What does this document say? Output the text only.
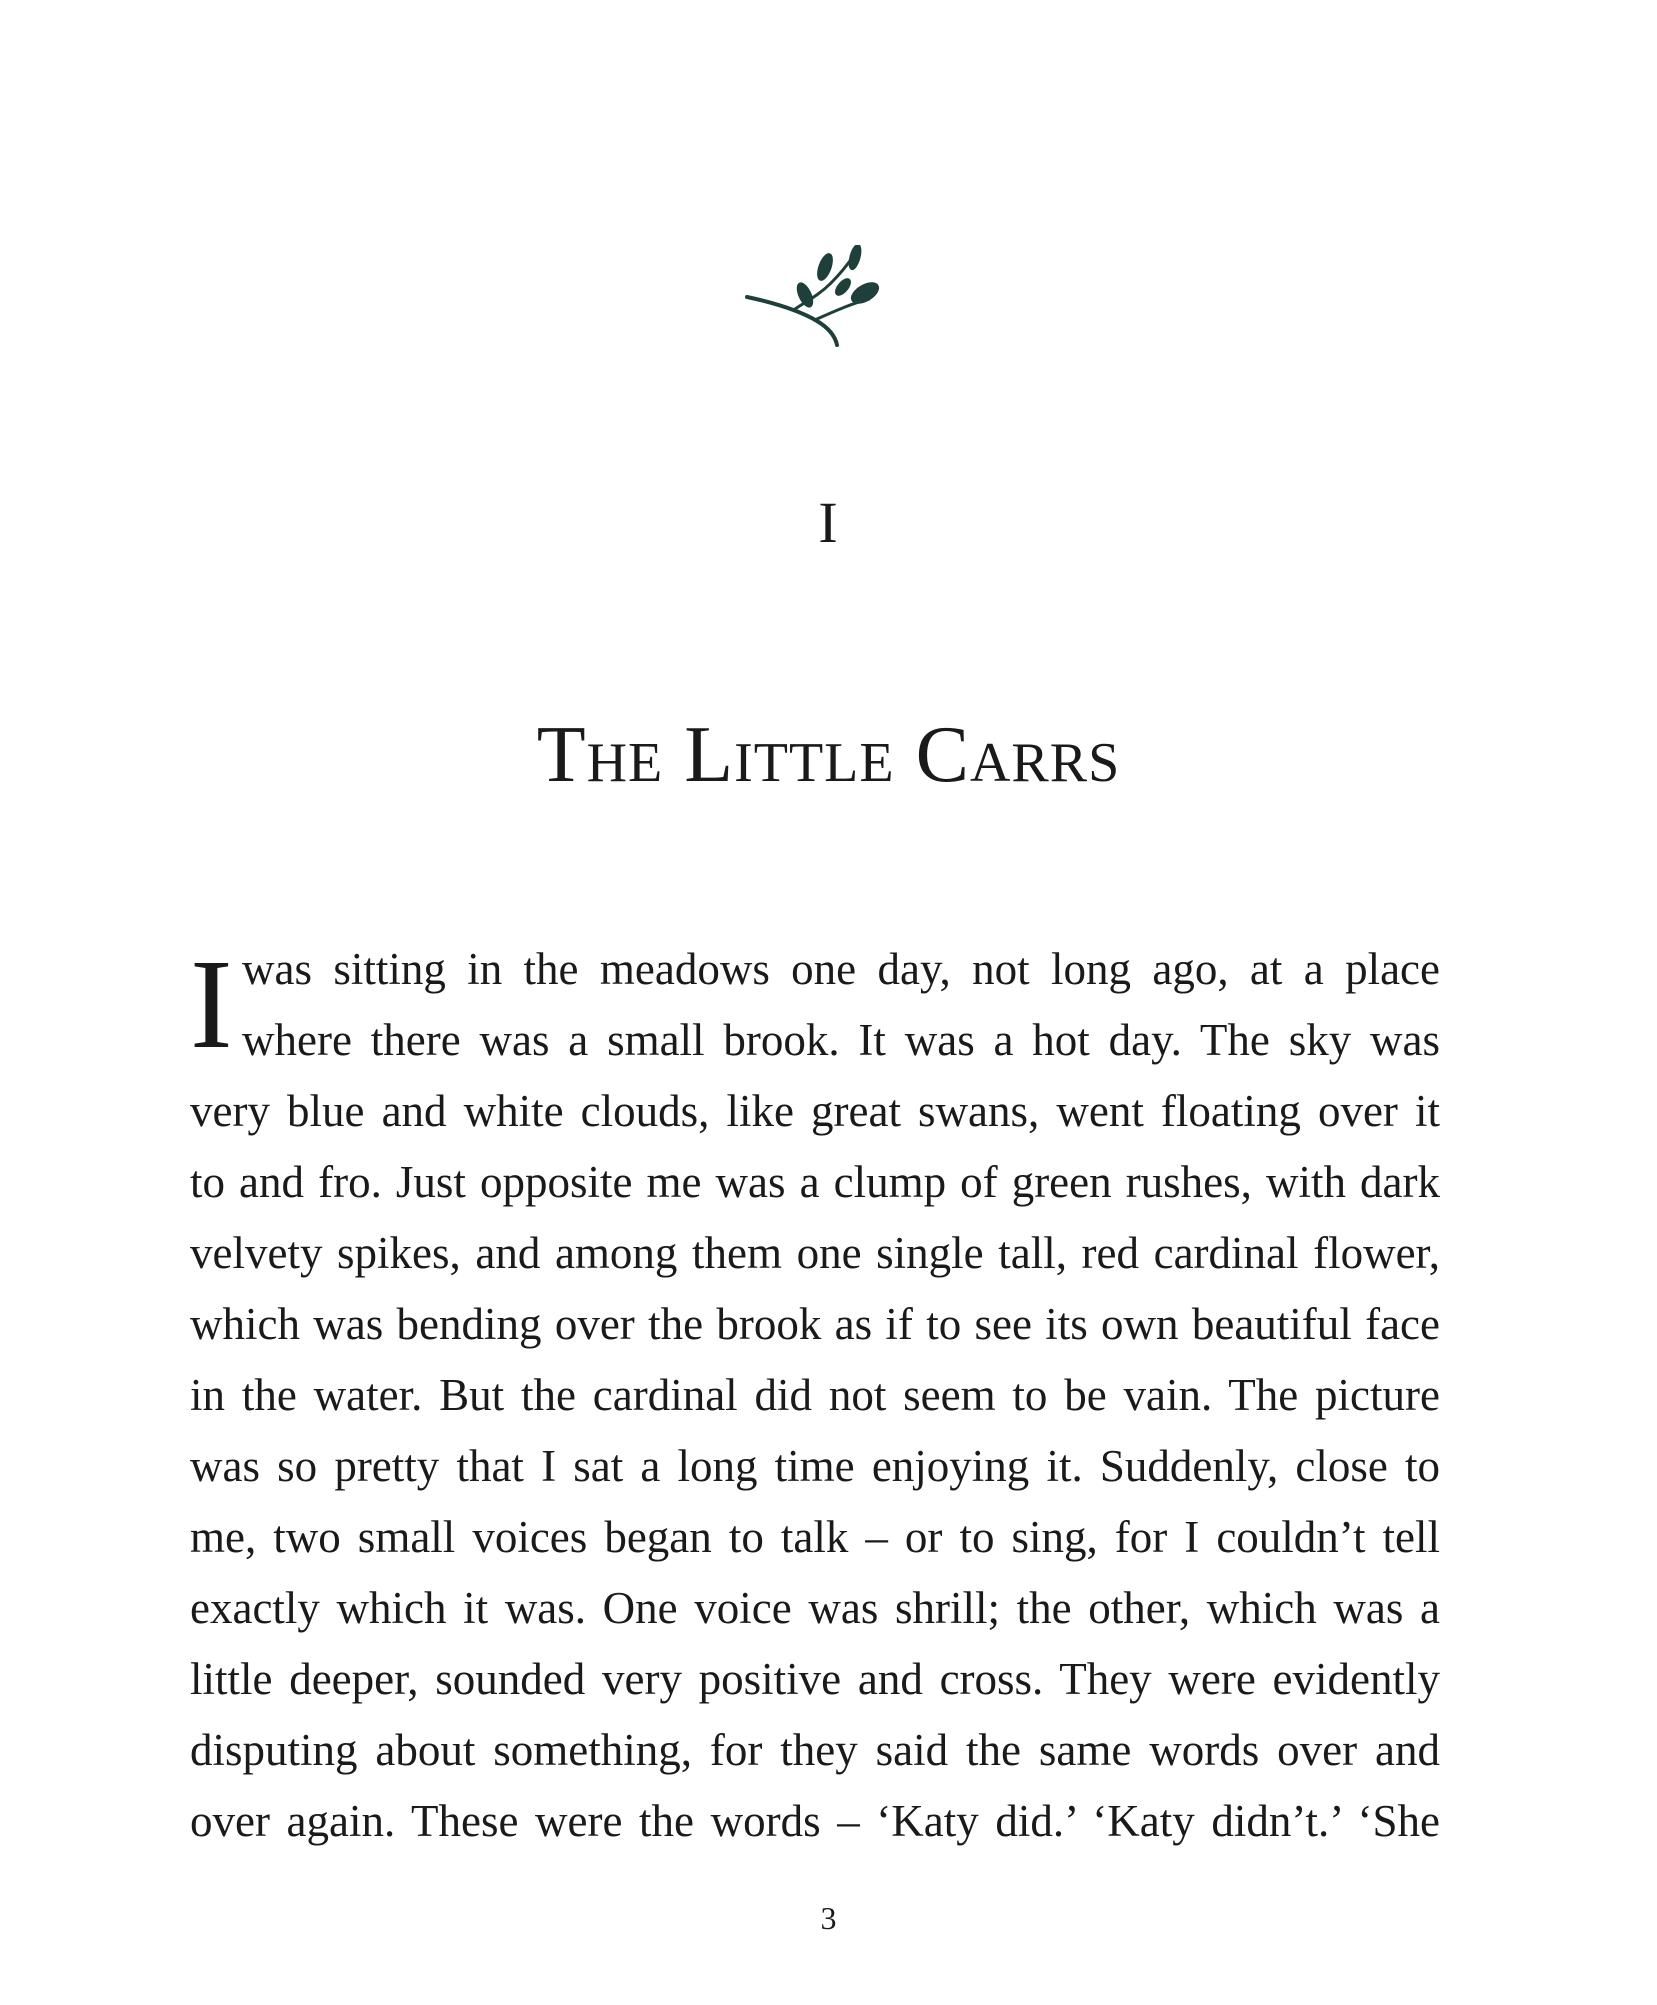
I
The Little Carrs
I was sitting in the meadows one day, not long ago, at a place
where there was a small brook. It was a hot day. The sky was
very blue and white clouds, like great swans, went floating over it
to and fro. Just opposite me was a clump of green rushes, with dark
velvety spikes, and among them one single tall, red cardinal flower,
which was bending over the brook as if to see its own beautiful face
in the water. But the cardinal did not seem to be vain. The picture
was so pretty that I sat a long time enjoying it. Suddenly, close to
me, two small voices began to talk – or to sing, for I couldn’t tell
exactly which it was. One voice was shrill; the other, which was a
little deeper, sounded very positive and cross. They were evidently
disputing about something, for they said the same words over and
over again. These were the words – ‘Katy did.’ ‘Katy didn’t.’ ‘She
3
